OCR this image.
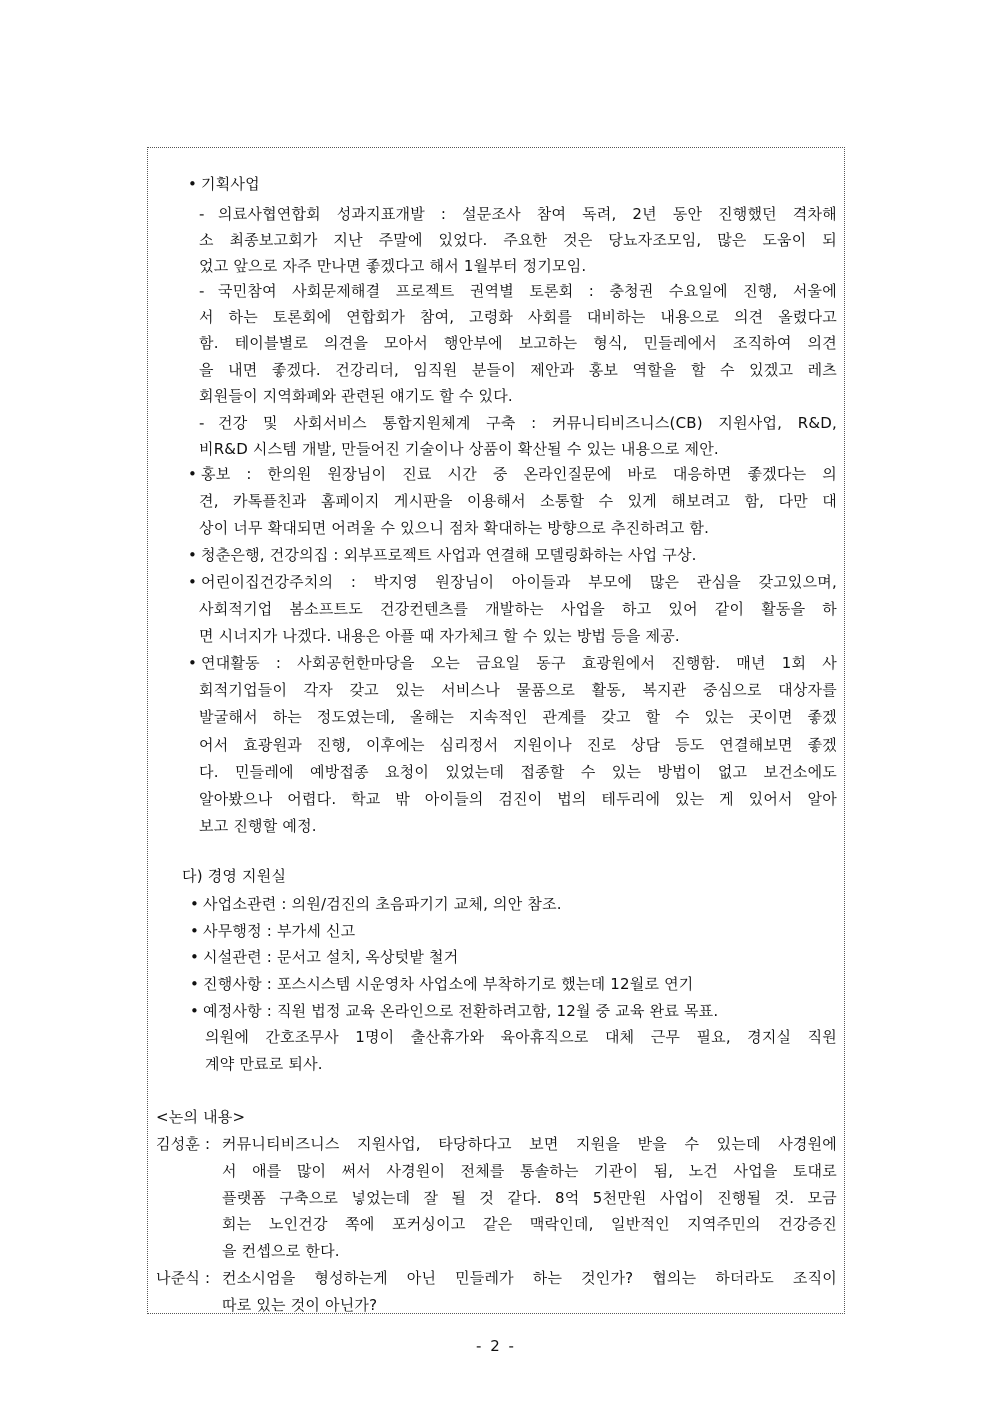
• 기획사업
- 의료사협연합회 성과지표개발 : 설문조사 참여 독려, 2년 동안 진행했던 격차해
소 최종보고회가 지난 주말에 있었다. 주요한 것은 당뇨자조모임, 많은 도움이 되
었고 앞으로 자주 만나면 좋겠다고 해서 1월부터 정기모임.
- 국민참여 사회문제해결 프로젝트 권역별 토론회 : 충청권 수요일에 진행, 서울에
서 하는 토론회에 연합회가 참여, 고령화 사회를 대비하는 내용으로 의견 올렸다고
함. 테이블별로 의견을 모아서 행안부에 보고하는 형식, 민들레에서 조직하여 의견
을 내면 좋겠다. 건강리더, 임직원 분들이 제안과 홍보 역할을 할 수 있겠고 레츠
회원들이 지역화폐와 관련된 얘기도 할 수 있다.
- 건강 및 사회서비스 통합지원체계 구축 : 커뮤니티비즈니스(CB) 지원사업, R&D,
비R&D 시스템 개발, 만들어진 기술이나 상품이 확산될 수 있는 내용으로 제안.
• 홍보 : 한의원 원장님이 진료 시간 중 온라인질문에 바로 대응하면 좋겠다는 의
견, 카톡플친과 홈페이지 게시판을 이용해서 소통할 수 있게 해보려고 함, 다만 대
상이 너무 확대되면 어려울 수 있으니 점차 확대하는 방향으로 추진하려고 함.
• 청춘은행, 건강의집 : 외부프로젝트 사업과 연결해 모델링화하는 사업 구상.
• 어린이집건강주치의 : 박지영 원장님이 아이들과 부모에 많은 관심을 갖고있으며,
사회적기업 봄소프트도 건강컨텐츠를 개발하는 사업을 하고 있어 같이 활동을 하
면 시너지가 나겠다. 내용은 아플 때 자가체크 할 수 있는 방법 등을 제공.
• 연대활동 : 사회공헌한마당을 오는 금요일 동구 효광원에서 진행함. 매년 1회 사
회적기업들이 각자 갖고 있는 서비스나 물품으로 활동, 복지관 중심으로 대상자를
발굴해서 하는 정도였는데, 올해는 지속적인 관계를 갖고 할 수 있는 곳이면 좋겠
어서 효광원과 진행, 이후에는 심리정서 지원이나 진로 상담 등도 연결해보면 좋겠
다. 민들레에 예방접종 요청이 있었는데 접종할 수 있는 방법이 없고 보건소에도
알아봤으나 어렵다. 학교 밖 아이들의 검진이 법의 테두리에 있는 게 있어서 알아
보고 진행할 예정.
다) 경영 지원실
• 사업소관련 : 의원/검진의 초음파기기 교체, 의안 참조.
• 사무행정 : 부가세 신고
• 시설관련 : 문서고 설치, 옥상텃밭 철거
• 진행사항 : 포스시스템 시운영차 사업소에 부착하기로 했는데 12월로 연기
• 예정사항 : 직원 법정 교육 온라인으로 전환하려고함, 12월 중 교육 완료 목표.
의원에 간호조무사 1명이 출산휴가와 육아휴직으로 대체 근무 필요, 경지실 직원
계약 만료로 퇴사.
<논의 내용>
김성훈 : 커뮤니티비즈니스 지원사업, 타당하다고 보면 지원을 받을 수 있는데 사경원에
서 애를 많이 써서 사경원이 전체를 통솔하는 기관이 됨, 노건 사업을 토대로
플랫폼 구축으로 넣었는데 잘 될 것 같다. 8억 5천만원 사업이 진행될 것. 모금
회는 노인건강 쪽에 포커싱이고 같은 맥락인데, 일반적인 지역주민의 건강증진
을 컨셉으로 한다.
나준식 : 컨소시엄을 형성하는게 아닌 민들레가 하는 것인가? 협의는 하더라도 조직이
따로 있는 것이 아닌가?
- 2 -
